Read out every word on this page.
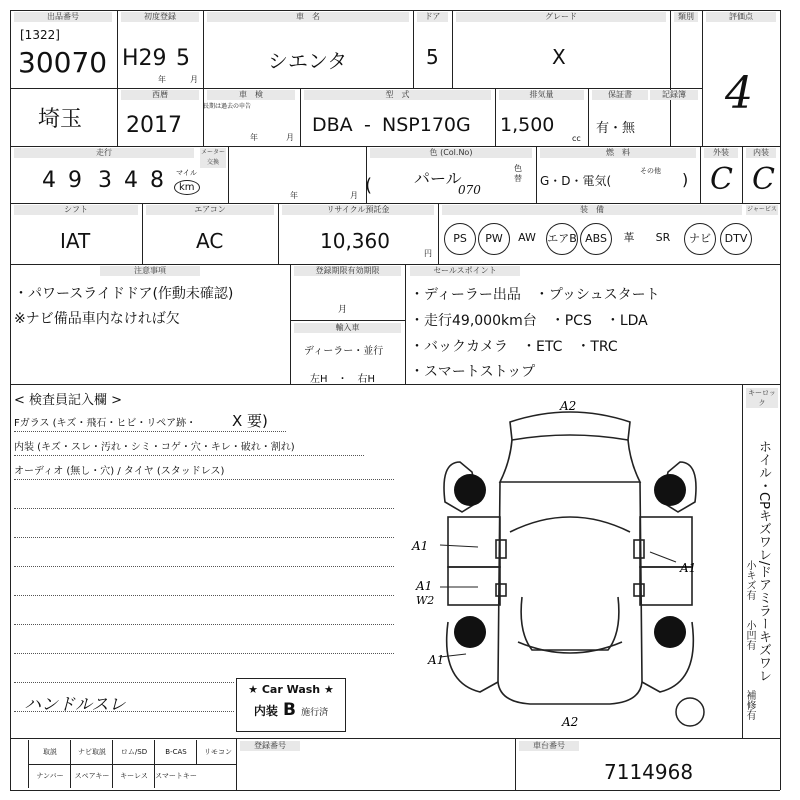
出品番号
[1322]
30070
初度登録
H29 5
年	月
車　名
シエンタ
ドア
5
グレード
X
類別	評価点
4
埼玉
西暦
2017
車　検
長期は過去の申告
年	月
型　式
DBA - NSP170G
排気量
1,500
cc
保証書
有・無
記録簿
走行
4 9 3 4 8 マイル
km
メーター交換
年	月
色 (Col.No)
(	パール
070
色替
燃　料
G・D・電気(
その他 )
外装
C
内装
C
シフト
IAT
エアコン
AC
リサイクル預託金
10,360
円
装　備	ジャービス
PS	PW	AW	エアB ABS	革	SR	ナビ	DTV
注意事項
・パワースライドドア(作動未確認)
※ナビ備品車内なければ欠
登録期限有効期限
月
輸入車
ディーラー・並行
左H　・　右H
セールスポイント
・ディーラー出品　・プッシュスタート
・走行49,000km台　・PCS　・LDA
・バックカメラ　・ETC　・TRC
・スマートストップ
< 検査員記入欄 >
Fガラス (キズ・飛石・ヒビ・リペア跡・ X 要)
内装 (キズ・スレ・汚れ・シミ・コゲ・穴・キレ・破れ・割れ)
オーディオ (無し・穴) / タイヤ (スタッドレス)
ハンドルスレ
★ Car Wash ★
内装 B 施行済
A2
A1
A1
A1
W2
A1
A2
キーロック
ホイル・CPキズワレ/ドアミラーキズワレ
小キズ有
小凹有
補修有
取説	ナビ取説	ロム/SD	B-CAS	リモコン
ナンバー	スペアキー	キーレス	スマートキー
登録番号	車台番号
7114968
